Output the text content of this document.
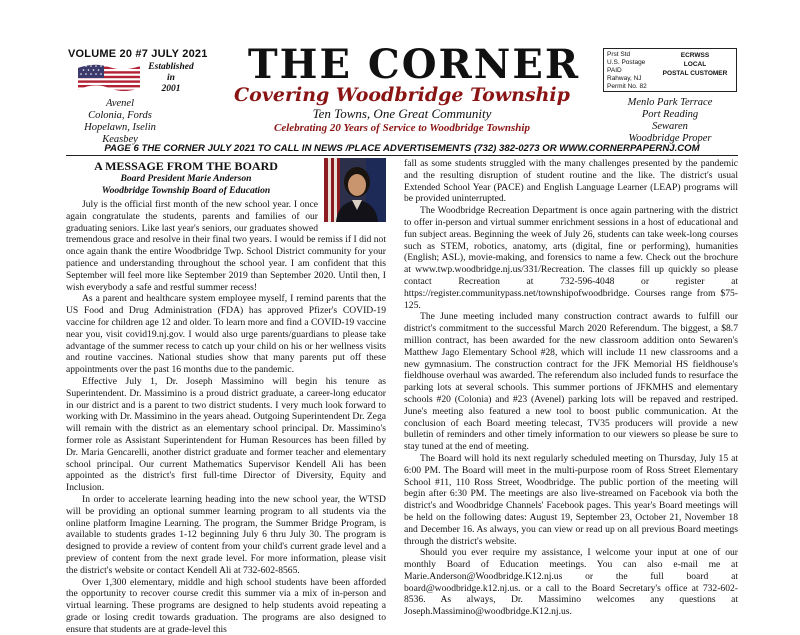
VOLUME 20 #7 JULY 2021
Established in
2001
Avenel
Colonia, Fords
Hopelawn, Iselin
Keasbey
THE CORNER
Covering Woodbridge Township
Ten Towns, One Great Community
Celebrating 20 Years of Service to Woodbridge Township
Prst Std
U.S. Postage
PAID
Rahway, NJ
Permit No. 82
ECRWSS
LOCAL
POSTAL CUSTOMER
Menlo Park Terrace
Port Reading
Sewaren
Woodbridge Proper
PAGE 6 THE CORNER JULY 2021 TO CALL IN NEWS /PLACE ADVERTISEMENTS (732) 382-0273 OR WWW.CORNERPAPERNJ.COM
A MESSAGE FROM THE BOARD
Board President Marie Anderson
Woodbridge Township Board of Education

July is the official first month of the new school year. I once again congratulate the students, parents and families of our graduating seniors. Like last year's seniors, our graduates showed tremendous grace and resolve in their final two years. I would be remiss if I did not once again thank the entire Woodbridge Twp. School District community for your patience and understanding throughout the school year. I am confident that this September will feel more like September 2019 than September 2020. Until then, I wish everybody a safe and restful summer recess!

As a parent and healthcare system employee myself, I remind parents that the US Food and Drug Administration (FDA) has approved Pfizer's COVID-19 vaccine for children age 12 and older. To learn more and find a COVID-19 vaccine near you, visit covid19.nj.gov. I would also urge parents/guardians to please take advantage of the summer recess to catch up your child on his or her wellness visits and routine vaccines. National studies show that many parents put off these appointments over the past 16 months due to the pandemic.

Effective July 1, Dr. Joseph Massimino will begin his tenure as Superintendent. Dr. Massimino is a proud district graduate, a career-long educator in our district and is a parent to two district students. I very much look forward to working with Dr. Massimino in the years ahead. Outgoing Superintendent Dr. Zega will remain with the district as an elementary school principal. Dr. Massimino's former role as Assistant Superintendent for Human Resources has been filled by Dr. Maria Gencarelli, another district graduate and former teacher and elementary school principal. Our current Mathematics Supervisor Kendell Ali has been appointed as the district's first full-time Director of Diversity, Equity and Inclusion.

In order to accelerate learning heading into the new school year, the WTSD will be providing an optional summer learning program to all students via the online platform Imagine Learning. The program, the Summer Bridge Program, is available to students grades 1-12 beginning July 6 thru July 30. The program is designed to provide a review of content from your child's current grade level and a preview of content from the next grade level. For more information, please visit the district's website or contact Kendell Ali at 732-602-8565.

Over 1,300 elementary, middle and high school students have been afforded the opportunity to recover course credit this summer via a mix of in-person and virtual learning. These programs are designed to help students avoid repeating a grade or losing credit towards graduation. The programs are also designed to ensure that students are at grade-level this

fall as some students struggled with the many challenges presented by the pandemic and the resulting disruption of student routine and the like. The district's usual Extended School Year (PACE) and English Language Learner (LEAP) programs will be provided uninterrupted.

The Woodbridge Recreation Department is once again partnering with the district to offer in-person and virtual summer enrichment sessions in a host of educational and fun subject areas. Beginning the week of July 26, students can take week-long courses such as STEM, robotics, anatomy, arts (digital, fine or performing), humanities (English; ASL), movie-making, and forensics to name a few. Check out the brochure at www.twp.woodbridge.nj.us/331/Recreation. The classes fill up quickly so please contact Recreation at 732-596-4048 or register at https://register.communitypass.net/townshipofwoodbridge. Courses range from $75-125.

The June meeting included many construction contract awards to fulfill our district's commitment to the successful March 2020 Referendum. The biggest, a $8.7 million contract, has been awarded for the new classroom addition onto Sewaren's Matthew Jago Elementary School #28, which will include 11 new classrooms and a new gymnasium. The construction contract for the JFK Memorial HS fieldhouse's fieldhouse overhaul was awarded. The referendum also included funds to resurface the parking lots at several schools. This summer portions of JFKMHS and elementary schools #20 (Colonia) and #23 (Avenel) parking lots will be repaved and restriped. June's meeting also featured a new tool to boost public communication. At the conclusion of each Board meeting telecast, TV35 producers will provide a new bulletin of reminders and other timely information to our viewers so please be sure to stay tuned at the end of meeting.

The Board will hold its next regularly scheduled meeting on Thursday, July 15 at 6:00 PM. The Board will meet in the multi-purpose room of Ross Street Elementary School #11, 110 Ross Street, Woodbridge. The public portion of the meeting will begin after 6:30 PM. The meetings are also live-streamed on Facebook via both the district's and Woodbridge Channels' Facebook pages. This year's Board meetings will be held on the following dates: August 19, September 23, October 21, November 18 and December 16. As always, you can view or read up on all previous Board meetings through the district's website.

Should you ever require my assistance, I welcome your input at one of our monthly Board of Education meetings. You can also e-mail me at Marie.Anderson@Woodbridge.K12.nj.us or the full board at board@woodbridge.k12.nj.us. or a call to the Board Secretary's office at 732-602-8536. As always, Dr. Massimino welcomes any questions at Joseph.Massimino@woodbridge.K12.nj.us.
